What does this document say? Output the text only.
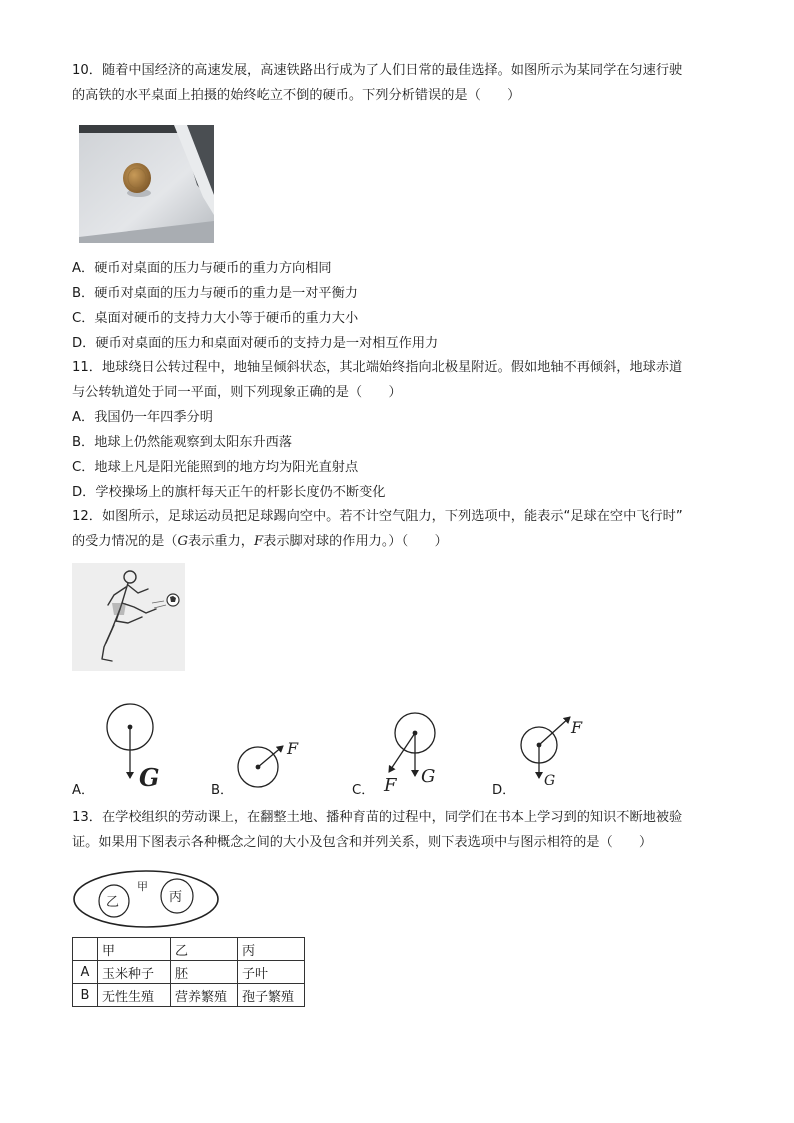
10．随着中国经济的高速发展，高速铁路出行成为了人们日常的最佳选择。如图所示为某同学在匀速行驶
的高铁的水平桌面上拍摄的始终屹立不倒的硬币。下列分析错误的是（　　）
A．硬币对桌面的压力与硬币的重力方向相同
B．硬币对桌面的压力与硬币的重力是一对平衡力
C．桌面对硬币的支持力大小等于硬币的重力大小
D．硬币对桌面的压力和桌面对硬币的支持力是一对相互作用力
11．地球绕日公转过程中，地轴呈倾斜状态，其北端始终指向北极星附近。假如地轴不再倾斜，地球赤道
与公转轨道处于同一平面，则下列现象正确的是（　　）
A．我国仍一年四季分明
B．地球上仍然能观察到太阳东升西落
C．地球上凡是阳光能照到的地方均为阳光直射点
D．学校操场上的旗杆每天正午的杆影长度仍不断变化
12．如图所示，足球运动员把足球踢向空中。若不计空气阻力，下列选项中，能表示“足球在空中飞行时”
的受力情况的是（G表示重力，F表示脚对球的作用力。）（　　）
A．	B．	C．	D．
G
F
F G
F
G
13．在学校组织的劳动课上，在翻整土地、播种育苗的过程中，同学们在书本上学习到的知识不断地被验
证。如果用下图表示各种概念之间的大小及包含和并列关系，则下表选项中与图示相符的是（　　）
甲
乙	丙
	甲	乙	丙
A	玉米种子	胚	子叶
B	无性生殖	营养繁殖	孢子繁殖
